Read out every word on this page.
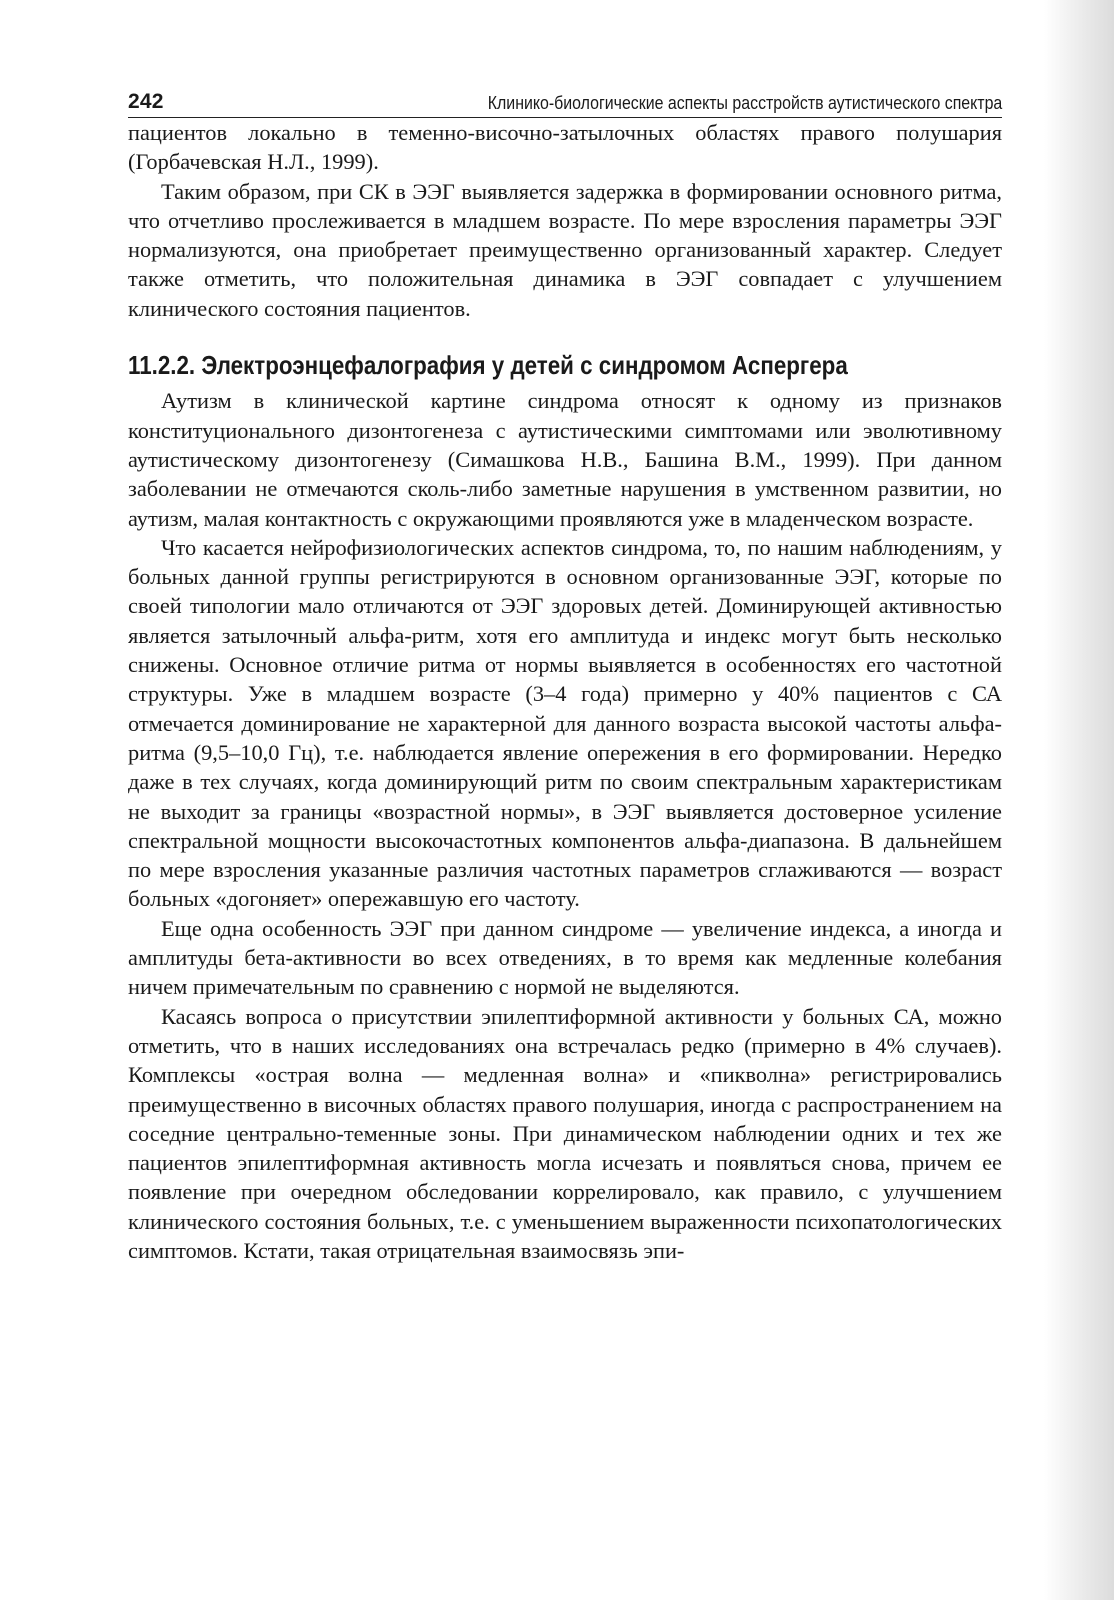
242	Клинико-биологические аспекты расстройств аутистического спектра

пациентов локально в теменно-височно-затылочных областях правого полушария (Горбачевская Н.Л., 1999).

Таким образом, при СК в ЭЭГ выявляется задержка в формировании основного ритма, что отчетливо прослеживается в младшем возрасте. По мере взросления параметры ЭЭГ нормализуются, она приобретает преимущественно организованный характер. Следует также отметить, что положительная динамика в ЭЭГ совпадает с улучшением клинического состояния пациентов.

11.2.2. Электроэнцефалография у детей с синдромом Аспергера

Аутизм в клинической картине синдрома относят к одному из признаков конституционального дизонтогенеза с аутистическими симптомами или эволютивному аутистическому дизонтогенезу (Симашкова Н.В., Башина В.М., 1999). При данном заболевании не отмечаются сколь-либо заметные нарушения в умственном развитии, но аутизм, малая контактность с окружающими проявляются уже в младенческом возрасте.

Что касается нейрофизиологических аспектов синдрома, то, по нашим наблюдениям, у больных данной группы регистрируются в основном организованные ЭЭГ, которые по своей типологии мало отличаются от ЭЭГ здоровых детей. Доминирующей активностью является затылочный альфа-ритм, хотя его амплитуда и индекс могут быть несколько снижены. Основное отличие ритма от нормы выявляется в особенностях его частотной структуры. Уже в младшем возрасте (3–4 года) примерно у 40% пациентов с СА отмечается доминирование не характерной для данного возраста высокой частоты альфа-ритма (9,5–10,0 Гц), т.е. наблюдается явление опережения в его формировании. Нередко даже в тех случаях, когда доминирующий ритм по своим спектральным характеристикам не выходит за границы «возрастной нормы», в ЭЭГ выявляется достоверное усиление спектральной мощности высокочастотных компонентов альфа-диапазона. В дальнейшем по мере взросления указанные различия частотных параметров сглаживаются — возраст больных «догоняет» опережавшую его частоту.

Еще одна особенность ЭЭГ при данном синдроме — увеличение индекса, а иногда и амплитуды бета-активности во всех отведениях, в то время как медленные колебания ничем примечательным по сравнению с нормой не выделяются.

Касаясь вопроса о присутствии эпилептиформной активности у больных СА, можно отметить, что в наших исследованиях она встречалась редко (примерно в 4% случаев). Комплексы «острая волна — медленная волна» и «пикволна» регистрировались преимущественно в височных областях правого полушария, иногда с распространением на соседние центрально-теменные зоны. При динамическом наблюдении одних и тех же пациентов эпилептиформная активность могла исчезать и появляться снова, причем ее появление при очередном обследовании коррелировало, как правило, с улучшением клинического состояния больных, т.е. с уменьшением выраженности психопатологических симптомов. Кстати, такая отрицательная взаимосвязь эпи-
